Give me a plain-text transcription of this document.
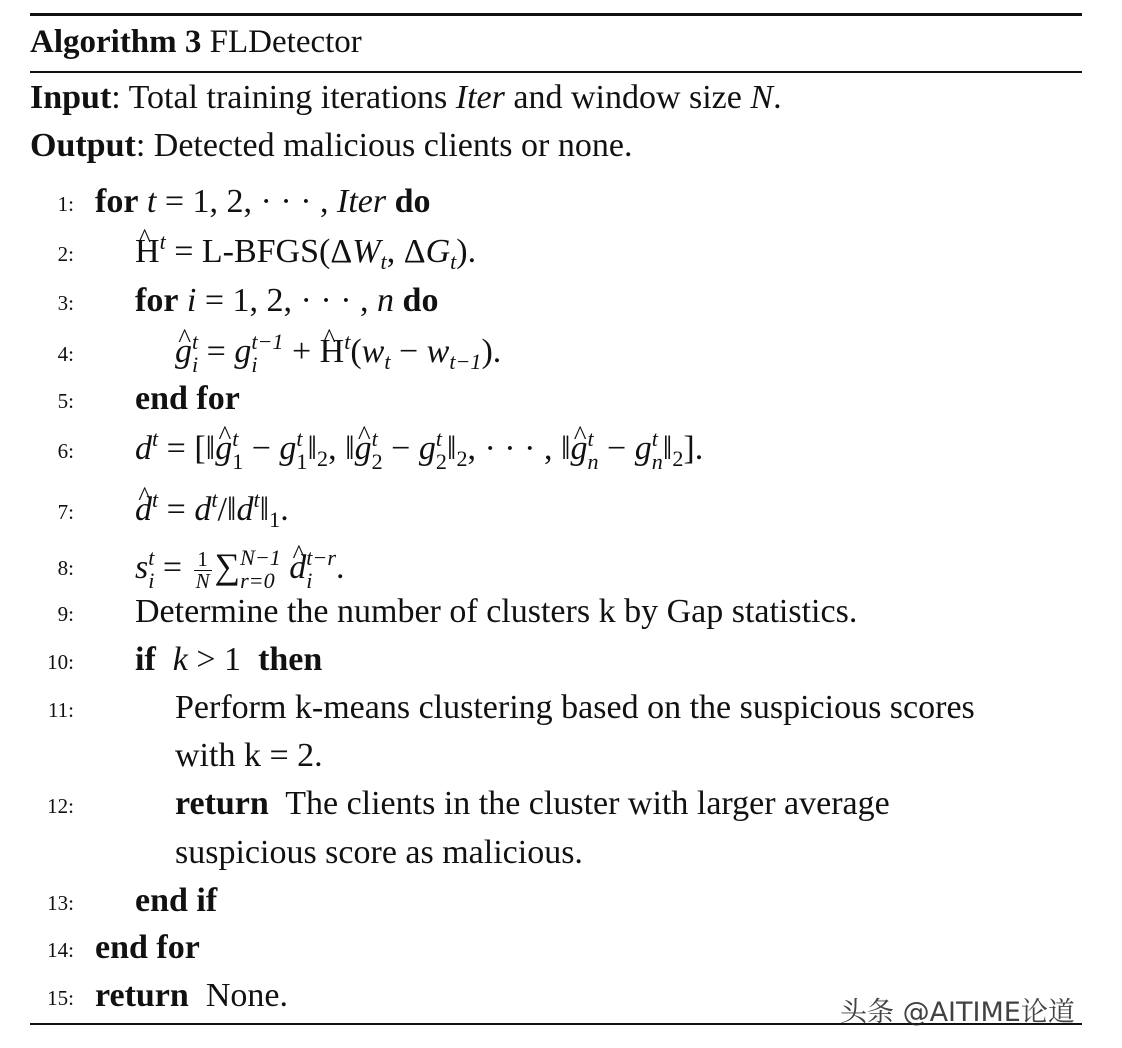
Algorithm 3 FLDetector
Input: Total training iterations Iter and window size N.
Output: Detected malicious clients or none.
1: for t = 1, 2, · · · , Iter do
2: ^ $H^t$ = $L-BFGS(\Delta W_t$, $\Delta G_t$).
3: for i = 1, 2, · · · , n do
4:	^ g t
i = g t−1
i + ^ $H^t(w_t - w_{t-1})$.
5: end for
6: $d^t$ = [‖^ g t
1 − g t
1 $‖_2$, ‖^ g t
2 − g t
2 $‖_2$, · · · , ‖^ g t
n − g t
n $‖_2$].
7: ^ $d^t$ = $d^t/‖d^t‖_1$.
8: s t
$i = \frac{1}{N}$ ∑ N−1
r=0 ^ d t−r
i .
9: Determine the number of clusters k by Gap statistics.
10: if k > 1  then
11:	Perform k-means clustering based on the suspicious scores
with k = 2.
12:	return The clients in the cluster with larger average
suspicious score as malicious.
13: end if
14: end for
15: return None.	头条 @AITIME论道
